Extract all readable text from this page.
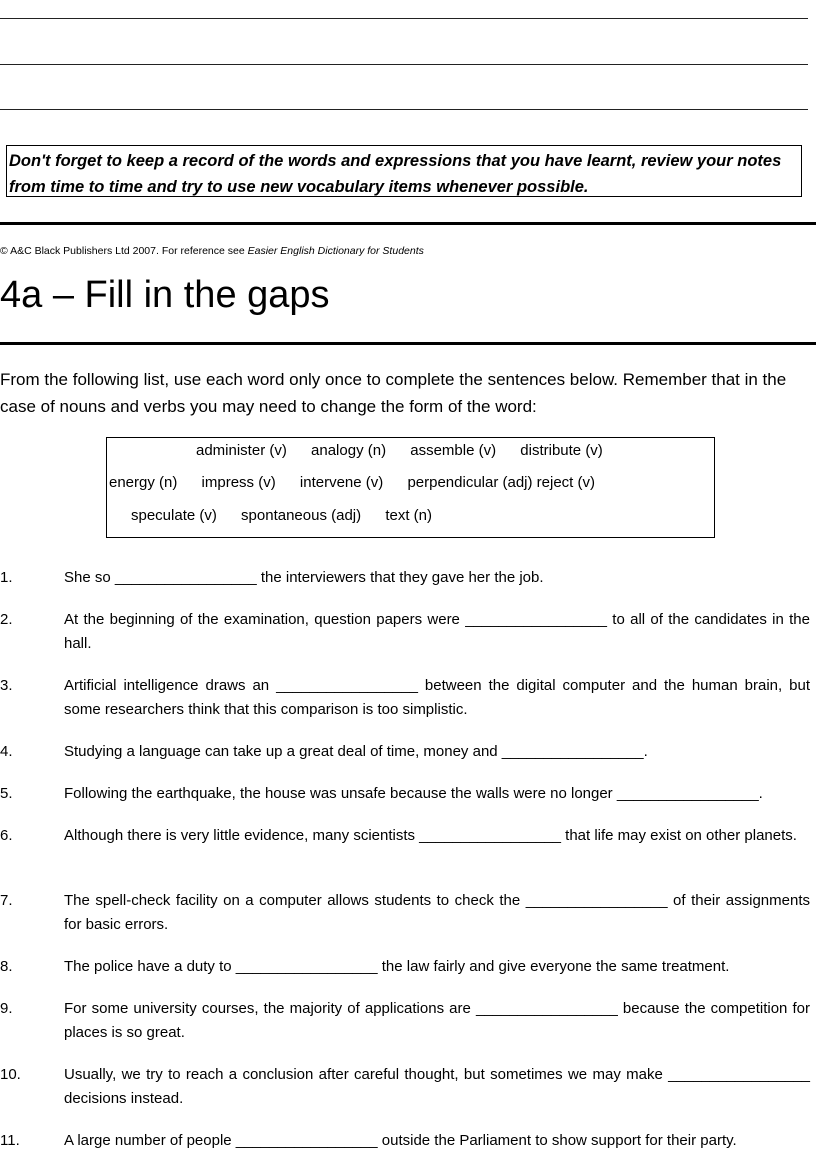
Don't forget to keep a record of the words and expressions that you have learnt, review your notes from time to time and try to use new vocabulary items whenever possible.
© A&C Black Publishers Ltd 2007. For reference see Easier English Dictionary for Students
4a – Fill in the gaps
From the following list, use each word only once to complete the sentences below. Remember that in the case of nouns and verbs you may need to change the form of the word:
administer (v) analogy (n) assemble (v) distribute (v)
energy (n) impress (v) intervene (v) perpendicular (adj) reject (v)
speculate (v) spontaneous (adj) text (n)
1.	She so _________________ the interviewers that they gave her the job.
2.	At the beginning of the examination, question papers were _________________ to all of the candidates in the hall.
3.	Artificial intelligence draws an _________________ between the digital computer and the human brain, but some researchers think that this comparison is too simplistic.
4.	Studying a language can take up a great deal of time, money and _________________.
5.	Following the earthquake, the house was unsafe because the walls were no longer _________________.
6.	Although there is very little evidence, many scientists _________________ that life may exist on other planets.
7.	The spell-check facility on a computer allows students to check the _________________ of their assignments for basic errors.
8.	The police have a duty to _________________ the law fairly and give everyone the same treatment.
9.	For some university courses, the majority of applications are _________________ because the competition for places is so great.
10.	Usually, we try to reach a conclusion after careful thought, but sometimes we may make _________________ decisions instead.
11.	A large number of people _________________ outside the Parliament to show support for their party.
